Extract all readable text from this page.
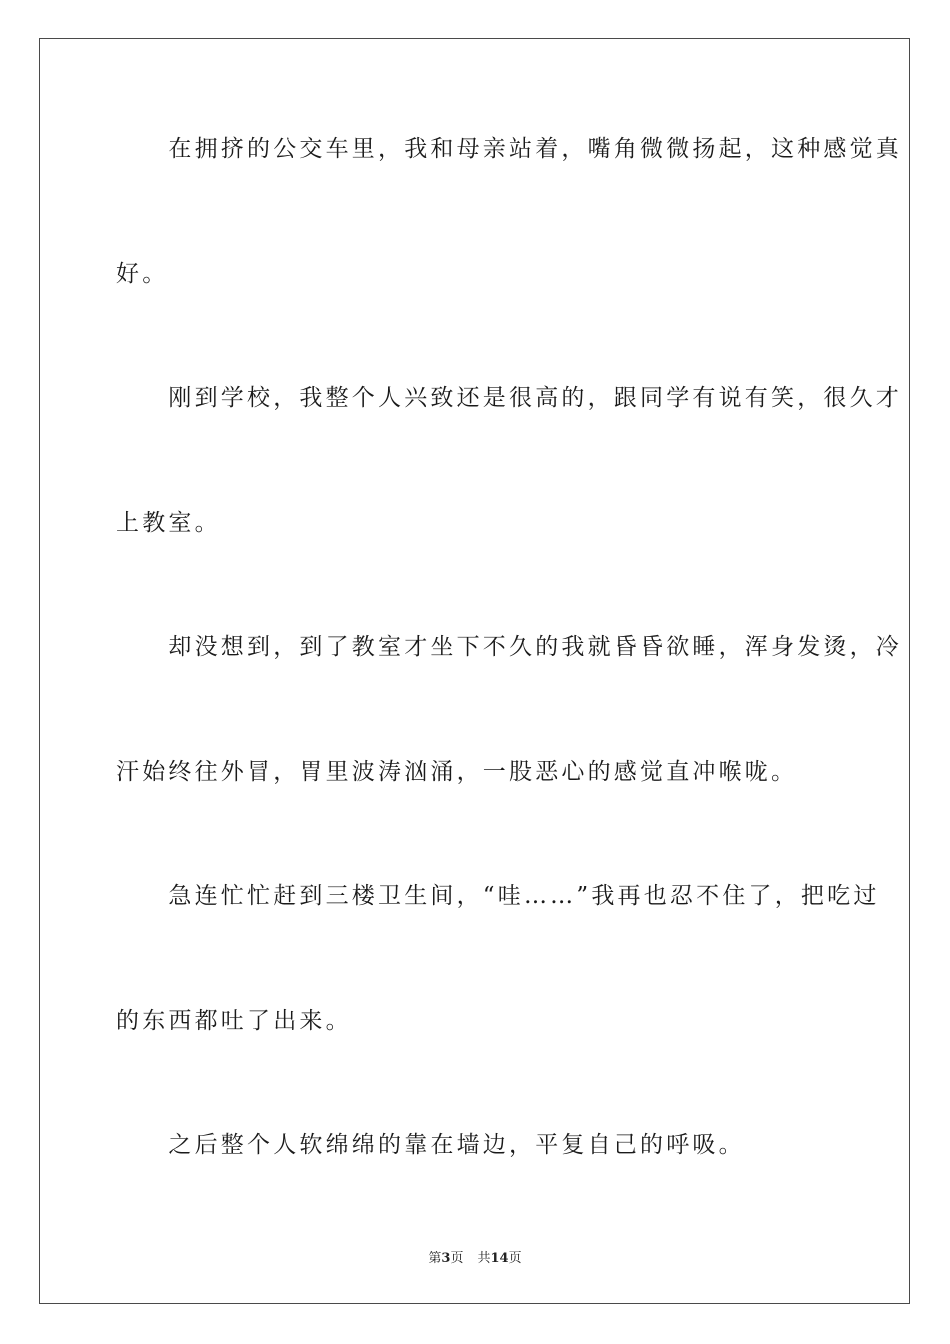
　　在拥挤的公交车里，我和母亲站着，嘴角微微扬起，这种感觉真
好。
　　刚到学校，我整个人兴致还是很高的，跟同学有说有笑，很久才
上教室。
　　却没想到，到了教室才坐下不久的我就昏昏欲睡，浑身发烫，冷
汗始终往外冒，胃里波涛汹涌，一股恶心的感觉直冲喉咙。
　　急连忙忙赶到三楼卫生间，“哇……”我再也忍不住了，把吃过
的东西都吐了出来。
　　之后整个人软绵绵的靠在墙边，平复自己的呼吸。
第3页 共14页
